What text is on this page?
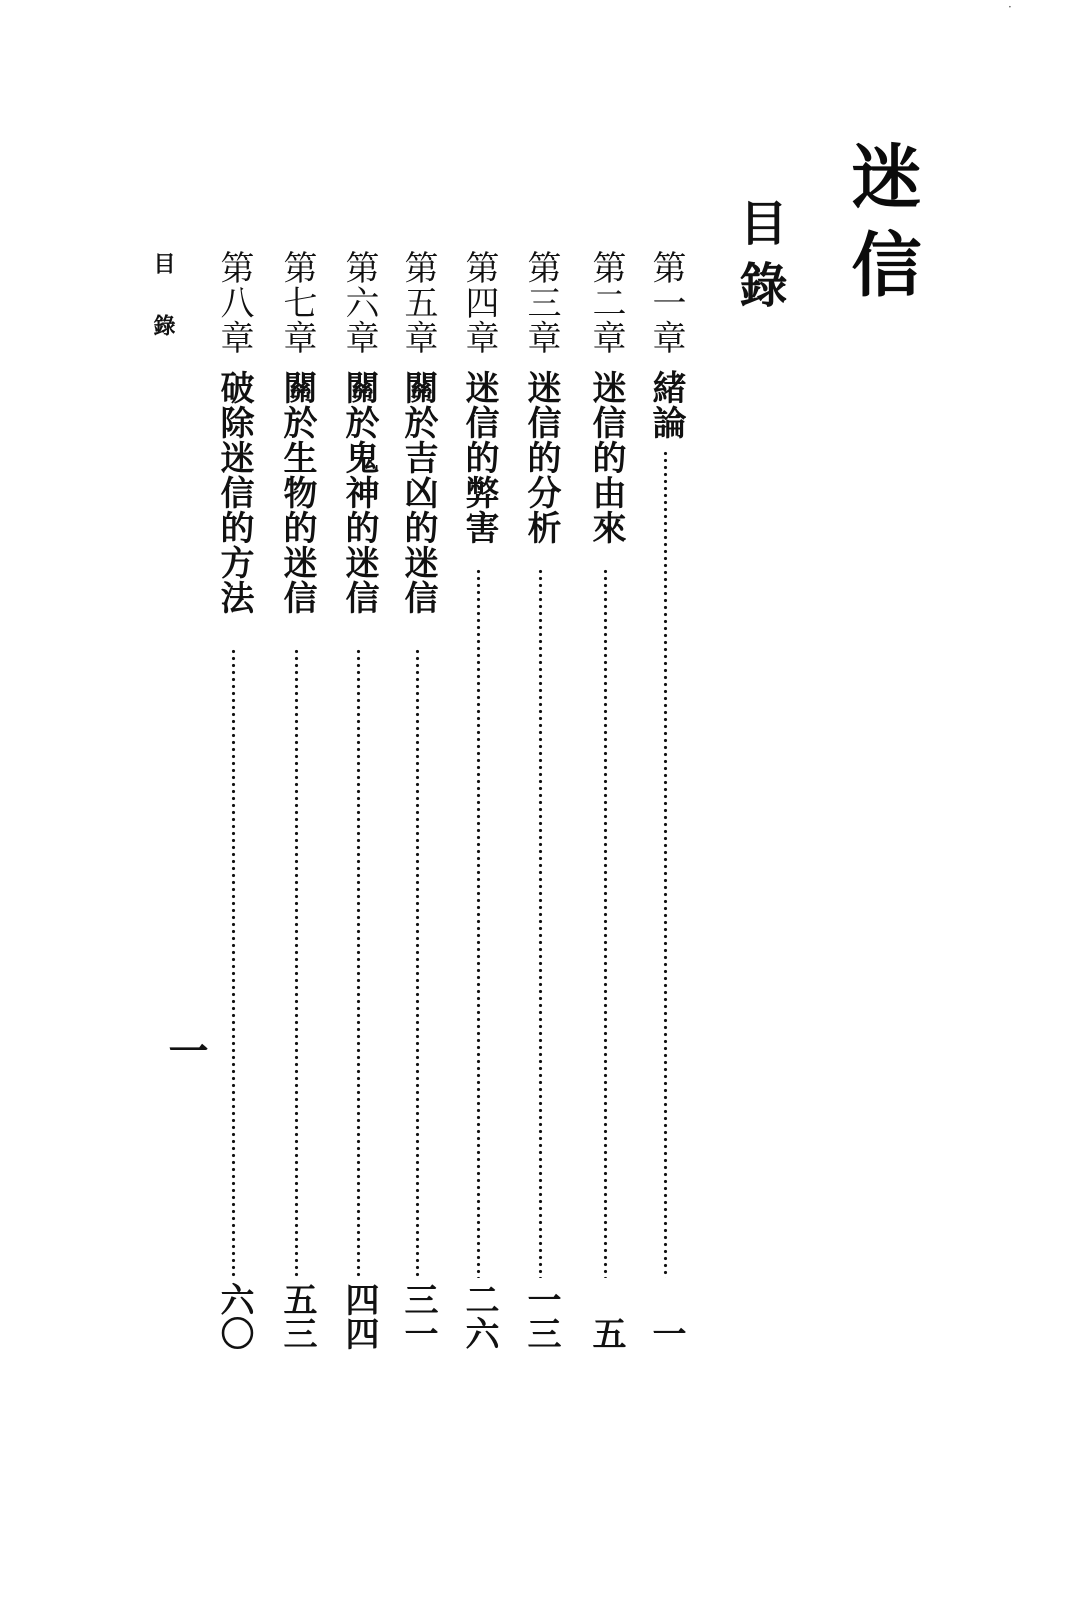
迷信
目錄
第一章
緒論
一
第二章
迷信的由來
五
第三章
迷信的分析
一三
第四章
迷信的弊害
二六
第五章
關於吉凶的迷信
三一
第六章
關於鬼神的迷信
四四
第七章
關於生物的迷信
五三
第八章
破除迷信的方法
六〇
目錄
一
·
